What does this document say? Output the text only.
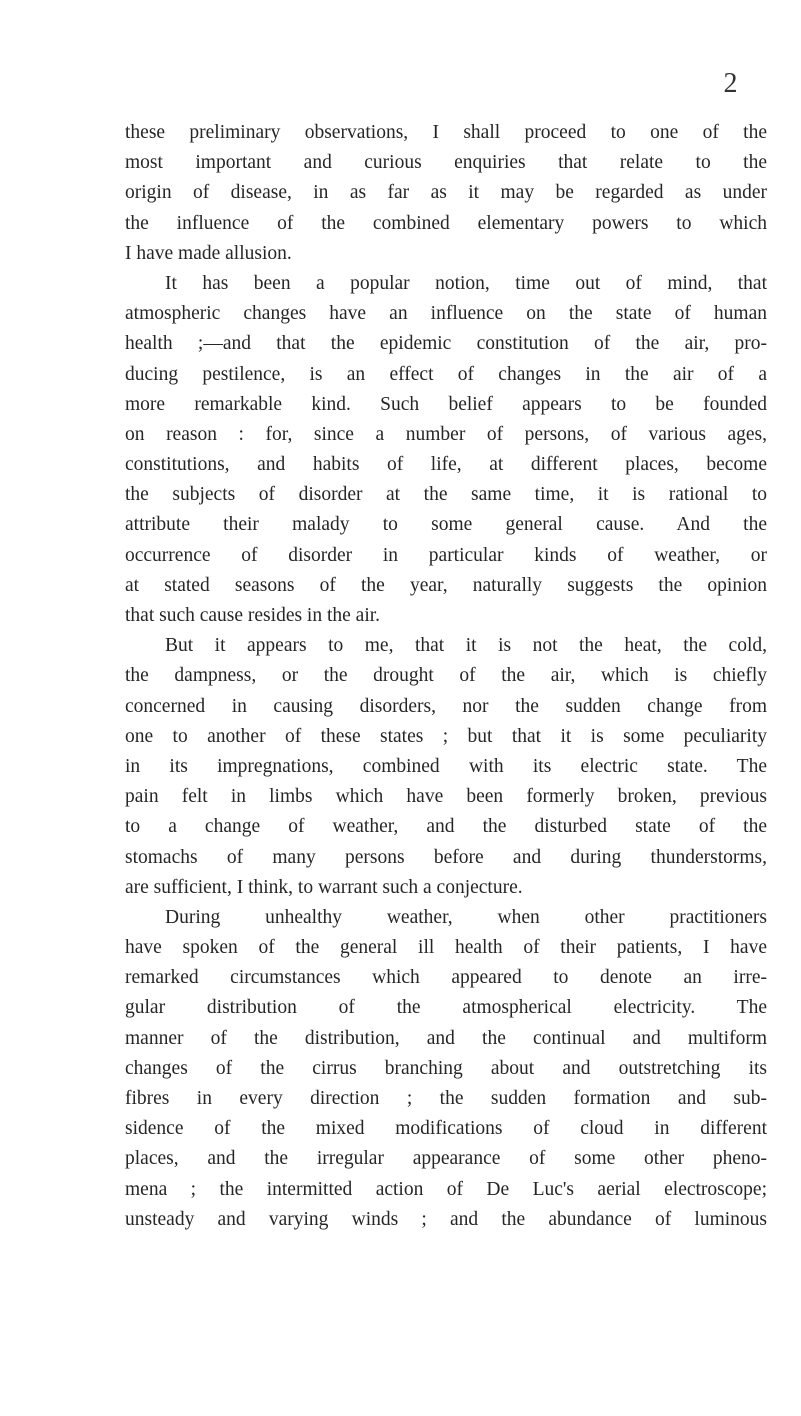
2
these preliminary observations, I shall proceed to one of the
most important and curious enquiries that relate to the
origin of disease, in as far as it may be regarded as under
the influence of the combined elementary powers to which
I have made allusion.
It has been a popular notion, time out of mind, that
atmospheric changes have an influence on the state of human
health ;—and that the epidemic constitution of the air, pro-
ducing pestilence, is an effect of changes in the air of a
more remarkable kind. Such belief appears to be founded
on reason : for, since a number of persons, of various ages,
constitutions, and habits of life, at different places, become
the subjects of disorder at the same time, it is rational to
attribute their malady to some general cause. And the
occurrence of disorder in particular kinds of weather, or
at stated seasons of the year, naturally suggests the opinion
that such cause resides in the air.
But it appears to me, that it is not the heat, the cold,
the dampness, or the drought of the air, which is chiefly
concerned in causing disorders, nor the sudden change from
one to another of these states ; but that it is some peculiarity
in its impregnations, combined with its electric state. The
pain felt in limbs which have been formerly broken, previous
to a change of weather, and the disturbed state of the
stomachs of many persons before and during thunderstorms,
are sufficient, I think, to warrant such a conjecture.
During unhealthy weather, when other practitioners
have spoken of the general ill health of their patients, I have
remarked circumstances which appeared to denote an irre-
gular distribution of the atmospherical electricity. The
manner of the distribution, and the continual and multiform
changes of the cirrus branching about and outstretching its
fibres in every direction ; the sudden formation and sub-
sidence of the mixed modifications of cloud in different
places, and the irregular appearance of some other pheno-
mena ; the intermitted action of De Luc's aerial electroscope;
unsteady and varying winds ; and the abundance of luminous
